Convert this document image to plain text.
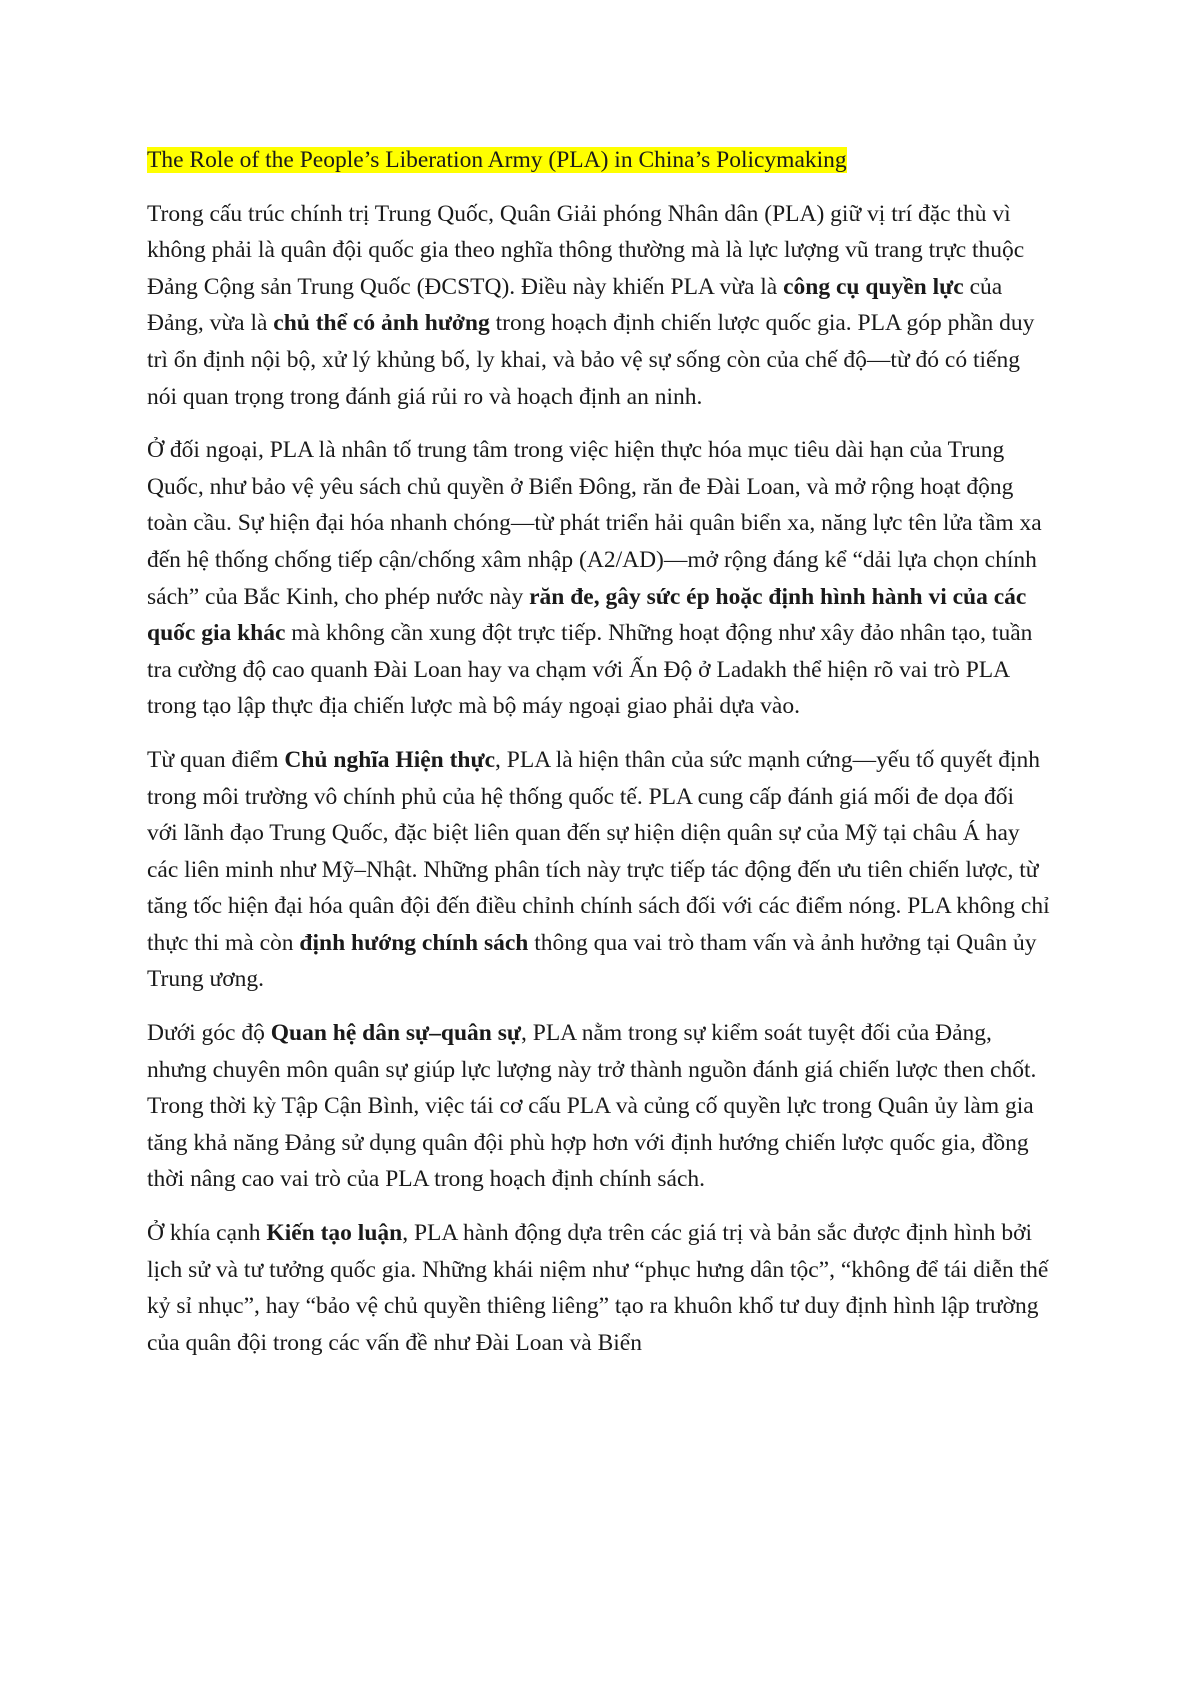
The Role of the People’s Liberation Army (PLA) in China’s Policymaking

Trong cấu trúc chính trị Trung Quốc, Quân Giải phóng Nhân dân (PLA) giữ vị trí đặc thù vì không phải là quân đội quốc gia theo nghĩa thông thường mà là lực lượng vũ trang trực thuộc Đảng Cộng sản Trung Quốc (ĐCSTQ). Điều này khiến PLA vừa là công cụ quyền lực của Đảng, vừa là chủ thể có ảnh hưởng trong hoạch định chiến lược quốc gia. PLA góp phần duy trì ổn định nội bộ, xử lý khủng bố, ly khai, và bảo vệ sự sống còn của chế độ—từ đó có tiếng nói quan trọng trong đánh giá rủi ro và hoạch định an ninh.

Ở đối ngoại, PLA là nhân tố trung tâm trong việc hiện thực hóa mục tiêu dài hạn của Trung Quốc, như bảo vệ yêu sách chủ quyền ở Biển Đông, răn đe Đài Loan, và mở rộng hoạt động toàn cầu. Sự hiện đại hóa nhanh chóng—từ phát triển hải quân biển xa, năng lực tên lửa tầm xa đến hệ thống chống tiếp cận/chống xâm nhập (A2/AD)—mở rộng đáng kể “dải lựa chọn chính sách” của Bắc Kinh, cho phép nước này răn đe, gây sức ép hoặc định hình hành vi của các quốc gia khác mà không cần xung đột trực tiếp. Những hoạt động như xây đảo nhân tạo, tuần tra cường độ cao quanh Đài Loan hay va chạm với Ấn Độ ở Ladakh thể hiện rõ vai trò PLA trong tạo lập thực địa chiến lược mà bộ máy ngoại giao phải dựa vào.

Từ quan điểm Chủ nghĩa Hiện thực, PLA là hiện thân của sức mạnh cứng—yếu tố quyết định trong môi trường vô chính phủ của hệ thống quốc tế. PLA cung cấp đánh giá mối đe dọa đối với lãnh đạo Trung Quốc, đặc biệt liên quan đến sự hiện diện quân sự của Mỹ tại châu Á hay các liên minh như Mỹ–Nhật. Những phân tích này trực tiếp tác động đến ưu tiên chiến lược, từ tăng tốc hiện đại hóa quân đội đến điều chỉnh chính sách đối với các điểm nóng. PLA không chỉ thực thi mà còn định hướng chính sách thông qua vai trò tham vấn và ảnh hưởng tại Quân ủy Trung ương.

Dưới góc độ Quan hệ dân sự–quân sự, PLA nằm trong sự kiểm soát tuyệt đối của Đảng, nhưng chuyên môn quân sự giúp lực lượng này trở thành nguồn đánh giá chiến lược then chốt. Trong thời kỳ Tập Cận Bình, việc tái cơ cấu PLA và củng cố quyền lực trong Quân ủy làm gia tăng khả năng Đảng sử dụng quân đội phù hợp hơn với định hướng chiến lược quốc gia, đồng thời nâng cao vai trò của PLA trong hoạch định chính sách.

Ở khía cạnh Kiến tạo luận, PLA hành động dựa trên các giá trị và bản sắc được định hình bởi lịch sử và tư tưởng quốc gia. Những khái niệm như “phục hưng dân tộc”, “không để tái diễn thế kỷ sỉ nhục”, hay “bảo vệ chủ quyền thiêng liêng” tạo ra khuôn khổ tư duy định hình lập trường của quân đội trong các vấn đề như Đài Loan và Biển
